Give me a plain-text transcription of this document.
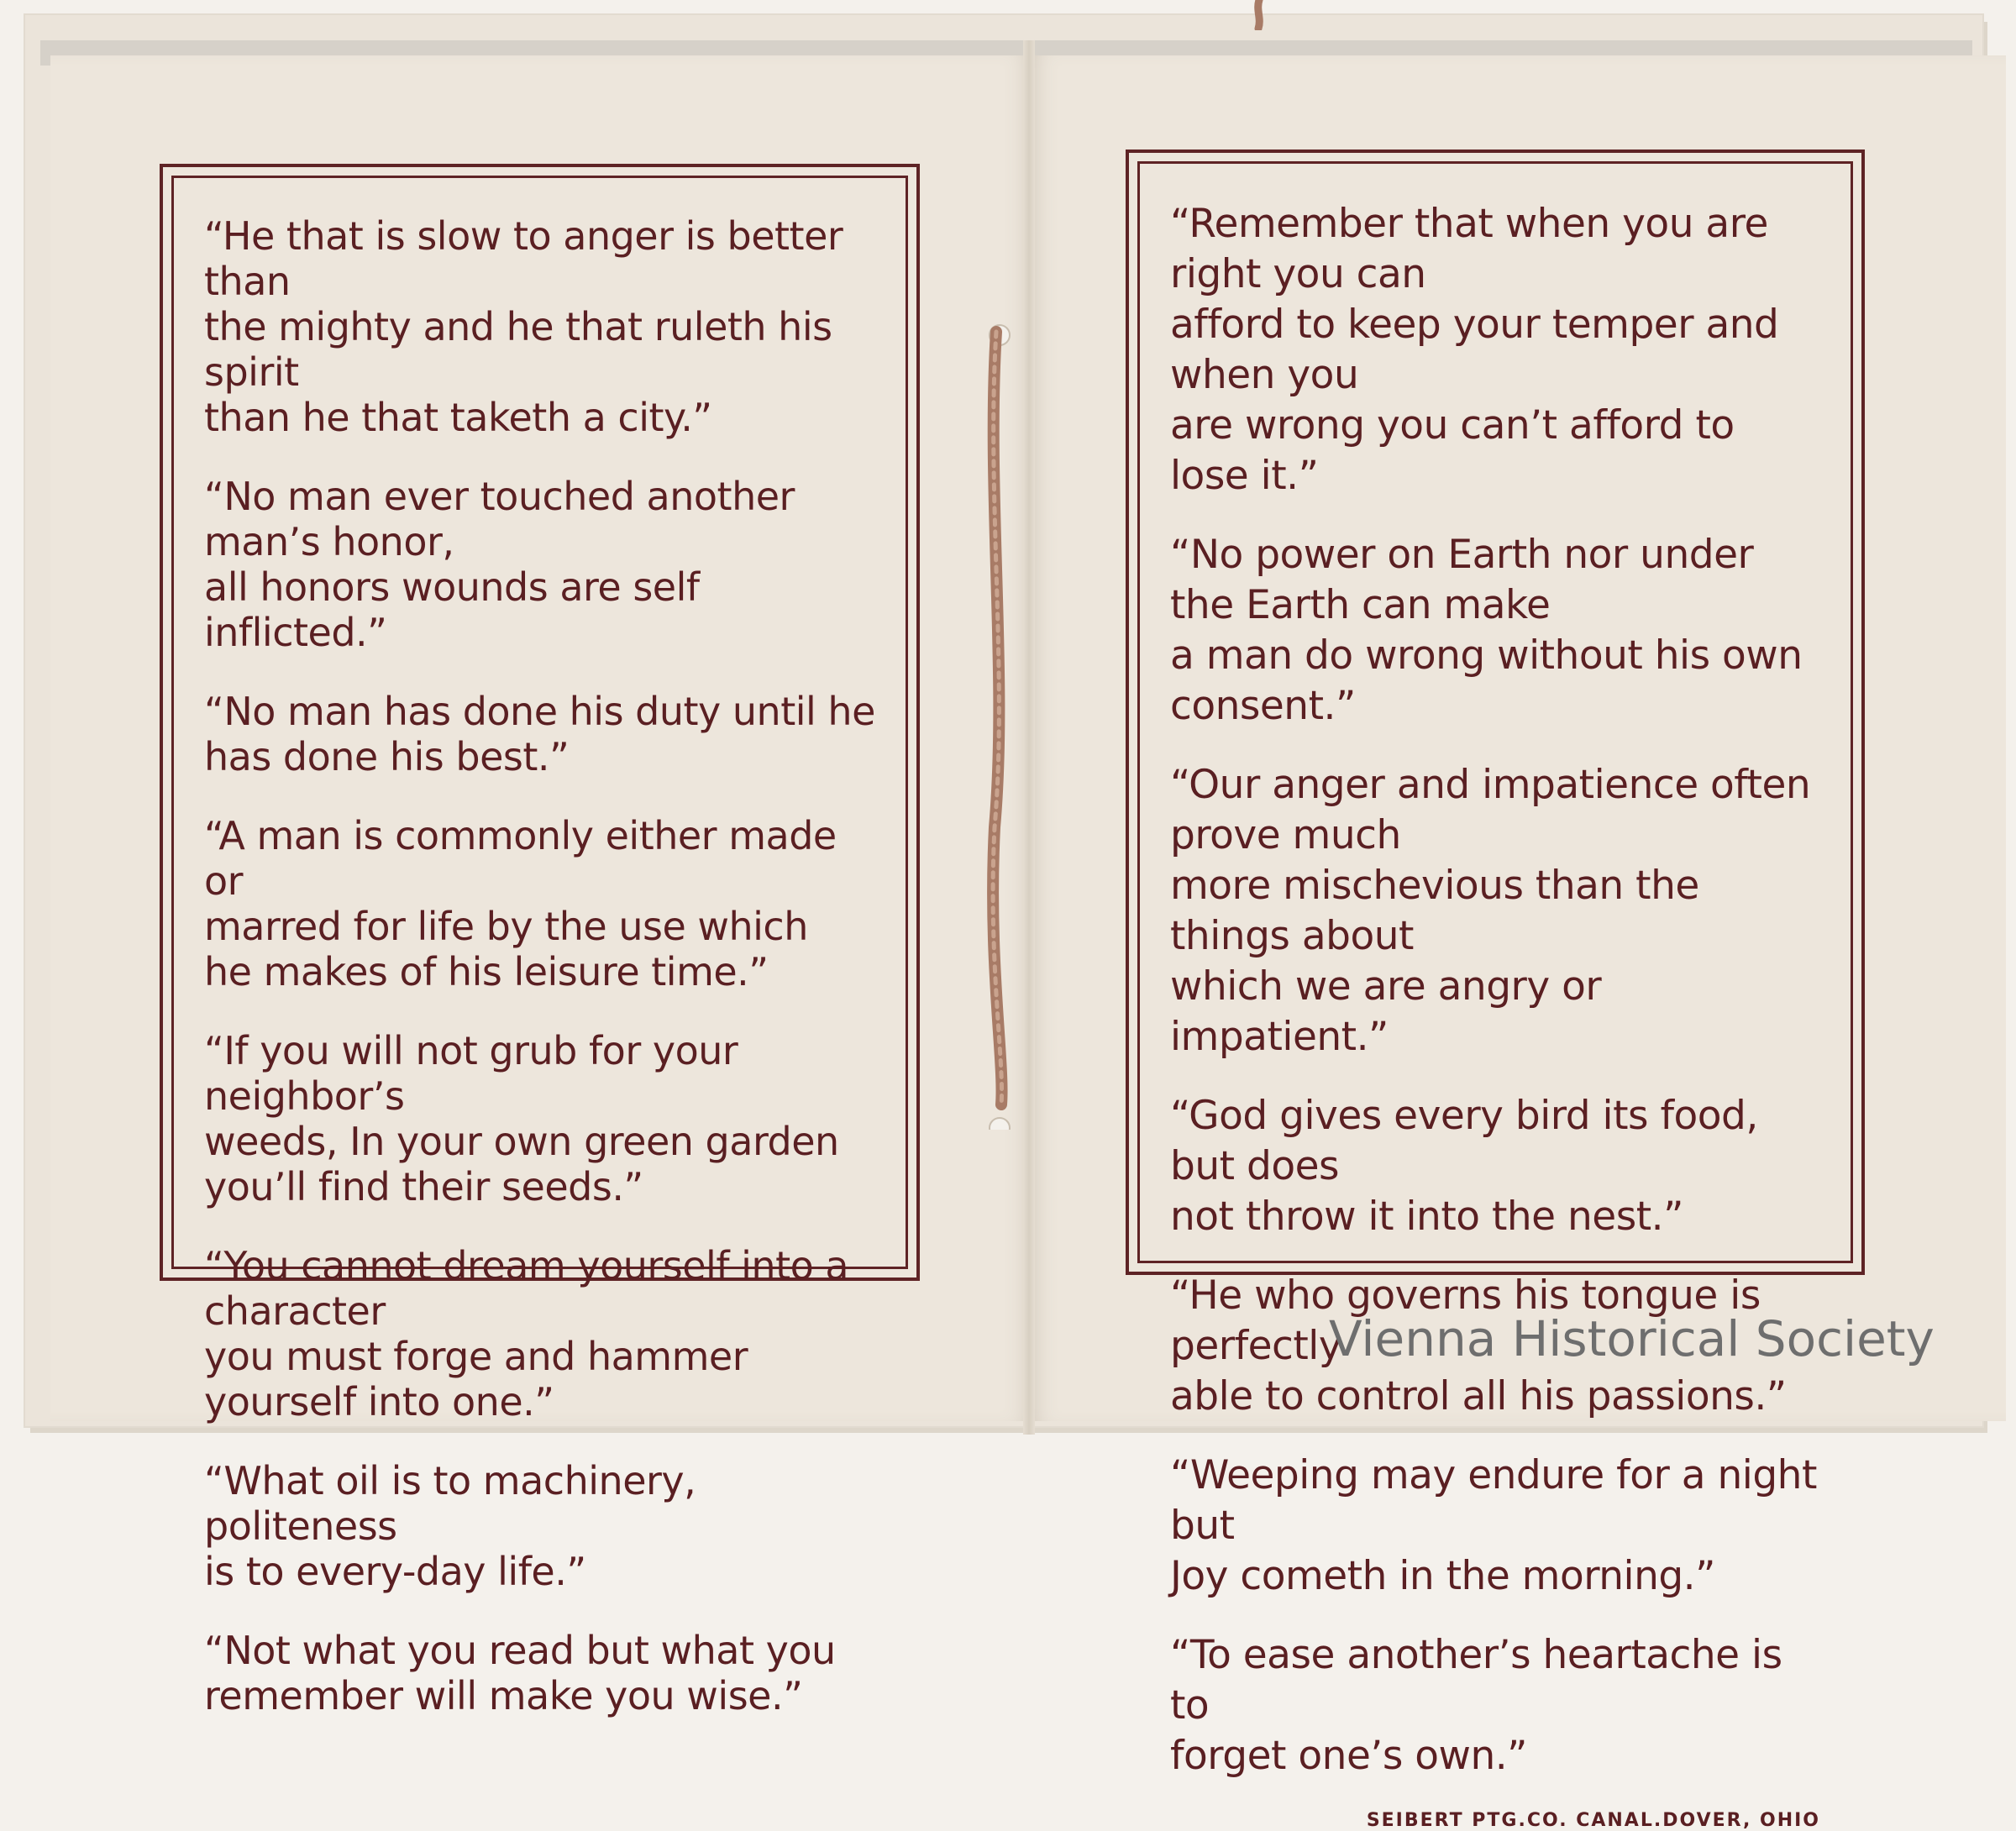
“He that is slow to anger is better than
the mighty and he that ruleth his spirit
than he that taketh a city.”

“No man ever touched another man’s honor,
all honors wounds are self inflicted.”

“No man has done his duty until he
has done his best.”

“A man is commonly either made or
marred for life by the use which
he makes of his leisure time.”

“If you will not grub for your neighbor’s
weeds, In your own green garden
you’ll find their seeds.”

“You cannot dream yourself into a character
you must forge and hammer yourself into one.”

“What oil is to machinery, politeness
is to every-day life.”

“Not what you read but what you
remember will make you wise.”

“Remember that when you are right you can
afford to keep your temper and when you
are wrong you can’t afford to lose it.”

“No power on Earth nor under the Earth can make
a man do wrong without his own consent.”

“Our anger and impatience often prove much
more mischevious than the things about
which we are angry or impatient.”

“God gives every bird its food, but does
not throw it into the nest.”

“He who governs his tongue is perfectly
able to control all his passions.”

“Weeping may endure for a night but
Joy cometh in the morning.”

“To ease another’s heartache is to
forget one’s own.”

SEIBERT PTG.CO. CANAL.DOVER, OHIO
Vienna Historical Society
